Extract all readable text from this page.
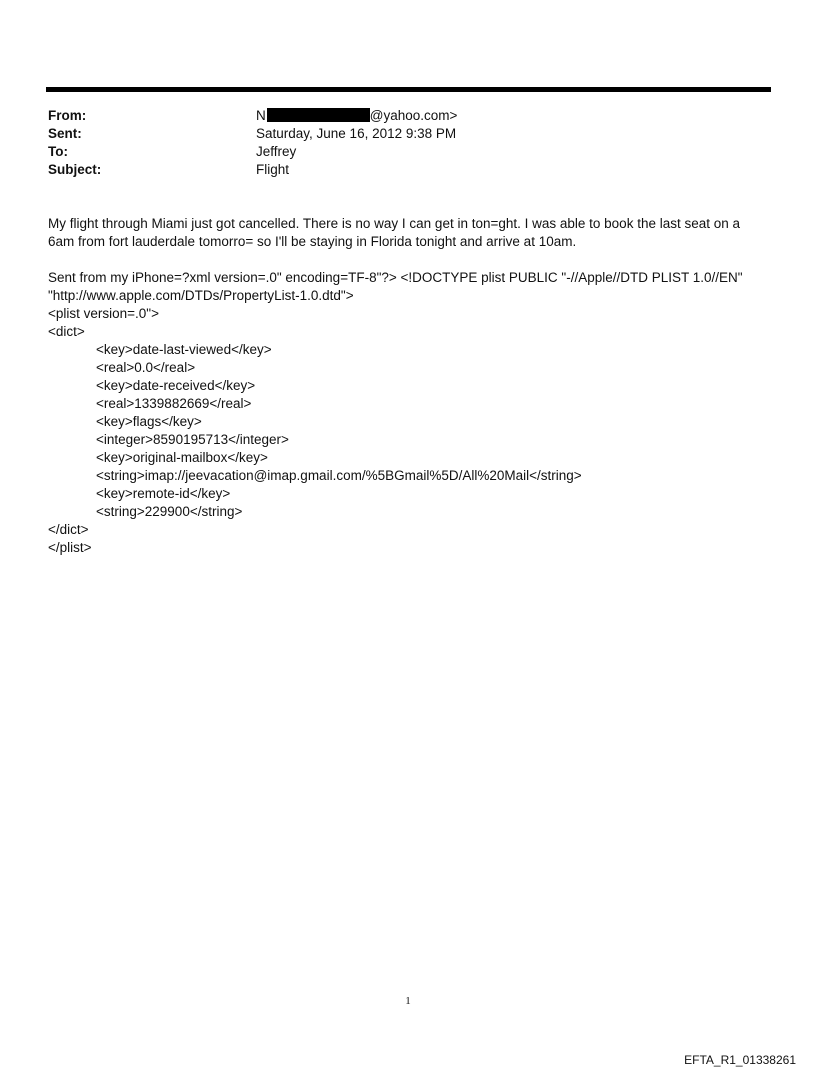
From:	N	@yahoo.com>
Sent:	Saturday, June 16, 2012 9:38 PM
To:	Jeffrey
Subject:	Flight

My flight through Miami just got cancelled. There is no way I can get in ton=ght. I was able to book the last seat on a 6am from fort lauderdale tomorro= so I'll be staying in Florida tonight and arrive at 10am.

Sent from my iPhone=?xml version=.0" encoding=TF-8"?> <!DOCTYPE plist PUBLIC "-//Apple//DTD PLIST 1.0//EN"
"http://www.apple.com/DTDs/PropertyList-1.0.dtd">
<plist version=.0">
<dict>
<key>date-last-viewed</key>
<real>0.0</real>
<key>date-received</key>
<real>1339882669</real>
<key>flags</key>
<integer>8590195713</integer>
<key>original-mailbox</key>
<string>imap://jeevacation@imap.gmail.com/%5BGmail%5D/All%20Mail</string>
<key>remote-id</key>
<string>229900</string>
</dict>
</plist>
1
EFTA_R1_01338261
